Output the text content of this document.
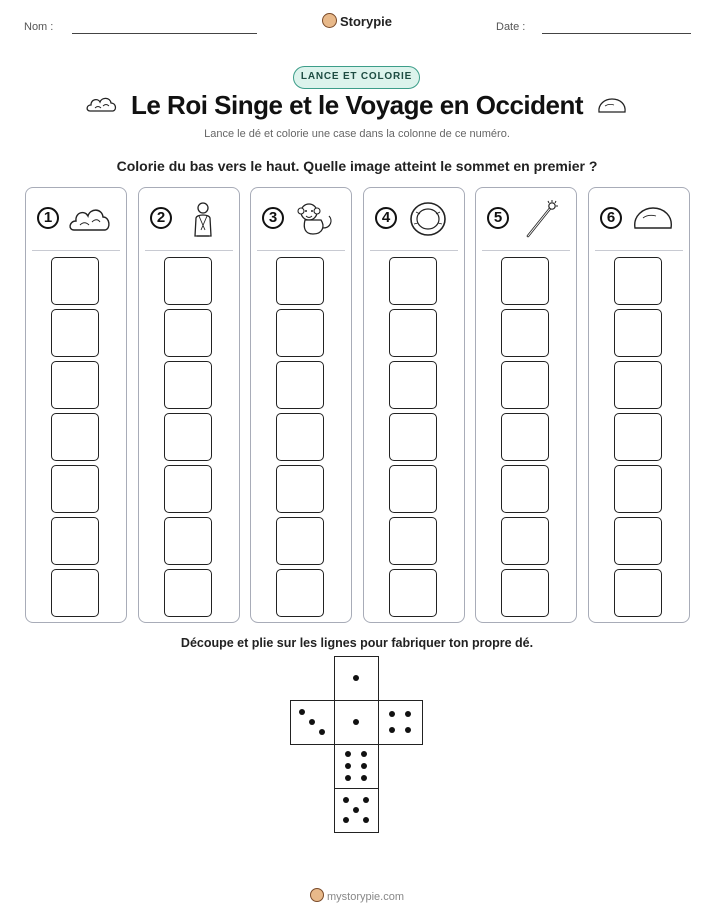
Nom :	Storypie	Date :
LANCE ET COLORIE
Le Roi Singe et le Voyage en Occident
Lance le dé et colorie une case dans la colonne de ce numéro.
Colorie du bas vers le haut. Quelle image atteint le sommet en premier ?
1	2	3	4	5	6
Découpe et plie sur les lignes pour fabriquer ton propre dé.
mystorypie.com
